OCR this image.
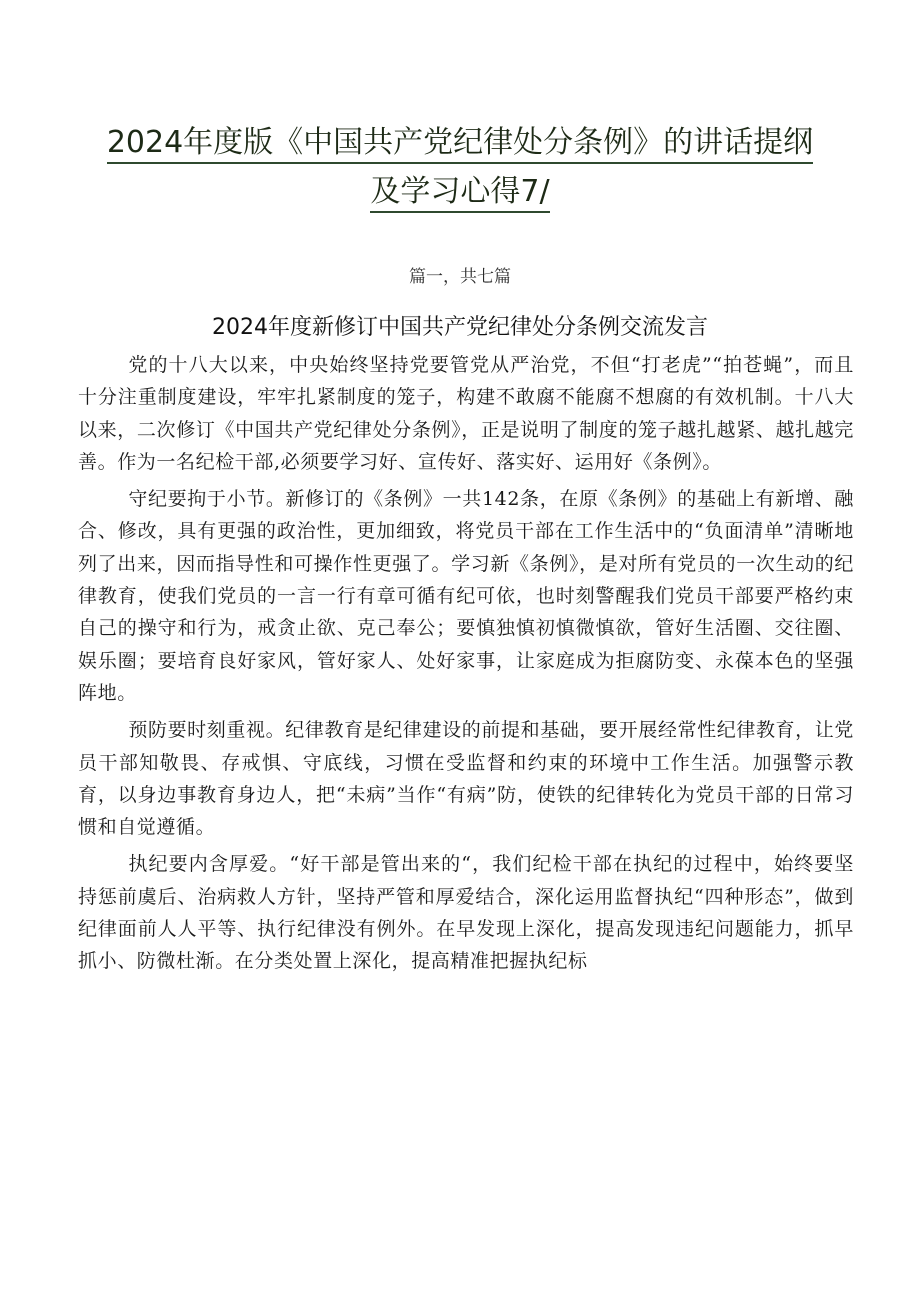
2024年度版《中国共产党纪律处分条例》的讲话提纲
及学习心得7/

篇一，共七篇

2024年度新修订中国共产党纪律处分条例交流发言

党的十八大以来，中央始终坚持党要管党从严治党，不但“打老虎”“拍苍蝇”，而且十分注重制度建设，牢牢扎紧制度的笼子，构建不敢腐不能腐不想腐的有效机制。十八大以来，二次修订《中国共产党纪律处分条例》，正是说明了制度的笼子越扎越紧、越扎越完善。作为一名纪检干部,必须要学习好、宣传好、落实好、运用好《条例》。

守纪要拘于小节。新修订的《条例》一共142条，在原《条例》的基础上有新增、融合、修改，具有更强的政治性，更加细致，将党员干部在工作生活中的“负面清单”清晰地列了出来，因而指导性和可操作性更强了。学习新《条例》，是对所有党员的一次生动的纪律教育，使我们党员的一言一行有章可循有纪可依，也时刻警醒我们党员干部要严格约束自己的操守和行为，戒贪止欲、克己奉公；要慎独慎初慎微慎欲，管好生活圈、交往圈、娱乐圈；要培育良好家风，管好家人、处好家事，让家庭成为拒腐防变、永葆本色的坚强阵地。

预防要时刻重视。纪律教育是纪律建设的前提和基础，要开展经常性纪律教育，让党员干部知敬畏、存戒惧、守底线，习惯在受监督和约束的环境中工作生活。加强警示教育，以身边事教育身边人，把“未病”当作“有病”防，使铁的纪律转化为党员干部的日常习惯和自觉遵循。

执纪要内含厚爱。“好干部是管出来的“，我们纪检干部在执纪的过程中，始终要坚持惩前虞后、治病救人方针，坚持严管和厚爱结合，深化运用监督执纪“四种形态”，做到纪律面前人人平等、执行纪律没有例外。在早发现上深化，提高发现违纪问题能力，抓早抓小、防微杜渐。在分类处置上深化，提高精准把握执纪标
